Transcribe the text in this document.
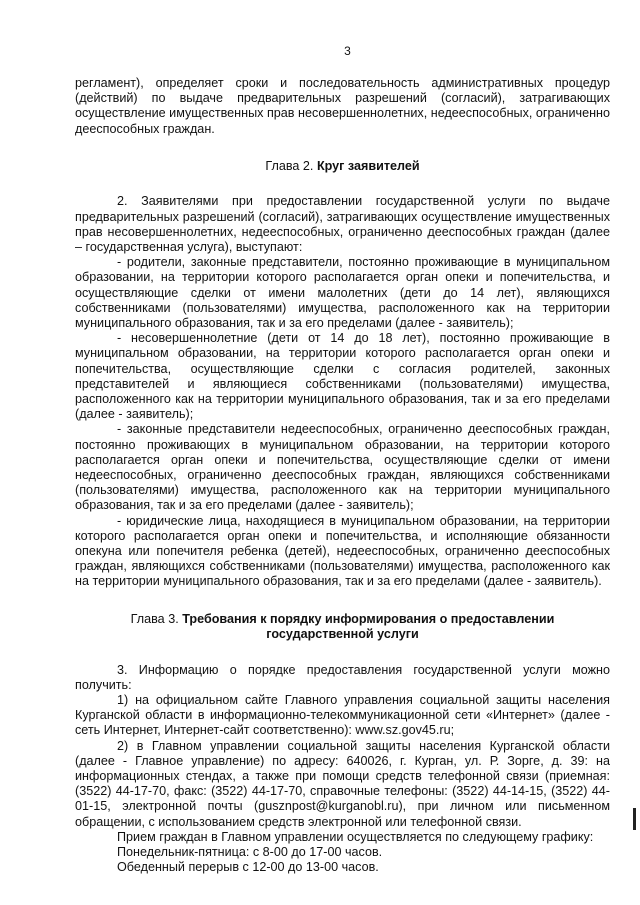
3

регламент), определяет сроки и последовательность административных процедур (действий) по выдаче предварительных разрешений (согласий), затрагивающих осуществление имущественных прав несовершеннолетних, недееспособных, ограниченно дееспособных граждан.

Глава 2. Круг заявителей

2. Заявителями при предоставлении государственной услуги по выдаче предварительных разрешений (согласий), затрагивающих осуществление имущественных прав несовершеннолетних, недееспособных, ограниченно дееспособных граждан (далее – государственная услуга), выступают:

- родители, законные представители, постоянно проживающие в муниципальном образовании, на территории которого располагается орган опеки и попечительства, и осуществляющие сделки от имени малолетних (дети до 14 лет), являющихся собственниками (пользователями) имущества, расположенного как на территории муниципального образования, так и за его пределами (далее - заявитель);

- несовершеннолетние (дети от 14 до 18 лет), постоянно проживающие в муниципальном образовании, на территории которого располагается орган опеки и попечительства, осуществляющие сделки с согласия родителей, законных представителей и являющиеся собственниками (пользователями) имущества, расположенного как на территории муниципального образования, так и за его пределами (далее - заявитель);

- законные представители недееспособных, ограниченно дееспособных граждан, постоянно проживающих в муниципальном образовании, на территории которого располагается орган опеки и попечительства, осуществляющие сделки от имени недееспособных, ограниченно дееспособных граждан, являющихся собственниками (пользователями) имущества, расположенного как на территории муниципального образования, так и за его пределами (далее - заявитель);

- юридические лица, находящиеся в муниципальном образовании, на территории которого располагается орган опеки и попечительства, и исполняющие обязанности опекуна или попечителя ребенка (детей), недееспособных, ограниченно дееспособных граждан, являющихся собственниками (пользователями) имущества, расположенного как на территории муниципального образования, так и за его пределами (далее - заявитель).

Глава 3. Требования к порядку информирования о предоставлении
государственной услуги

3. Информацию о порядке предоставления государственной услуги можно получить:

1) на официальном сайте Главного управления социальной защиты населения Курганской области в информационно-телекоммуникационной сети «Интернет» (далее - сеть Интернет, Интернет-сайт соответственно): www.sz.gov45.ru;

2) в Главном управлении социальной защиты населения Курганской области (далее - Главное управление) по адресу: 640026, г. Курган, ул. Р. Зорге, д. 39: на информационных стендах, а также при помощи средств телефонной связи (приемная: (3522) 44-17-70, факс: (3522) 44-17-70, справочные телефоны: (3522) 44-14-15, (3522) 44-01-15, электронной почты (gusznpost@kurganobl.ru), при личном или письменном обращении, с использованием средств электронной или телефонной связи.

Прием граждан в Главном управлении осуществляется по следующему графику:

Понедельник-пятница: с 8-00 до 17-00 часов.

Обеденный перерыв с 12-00 до 13-00 часов.
